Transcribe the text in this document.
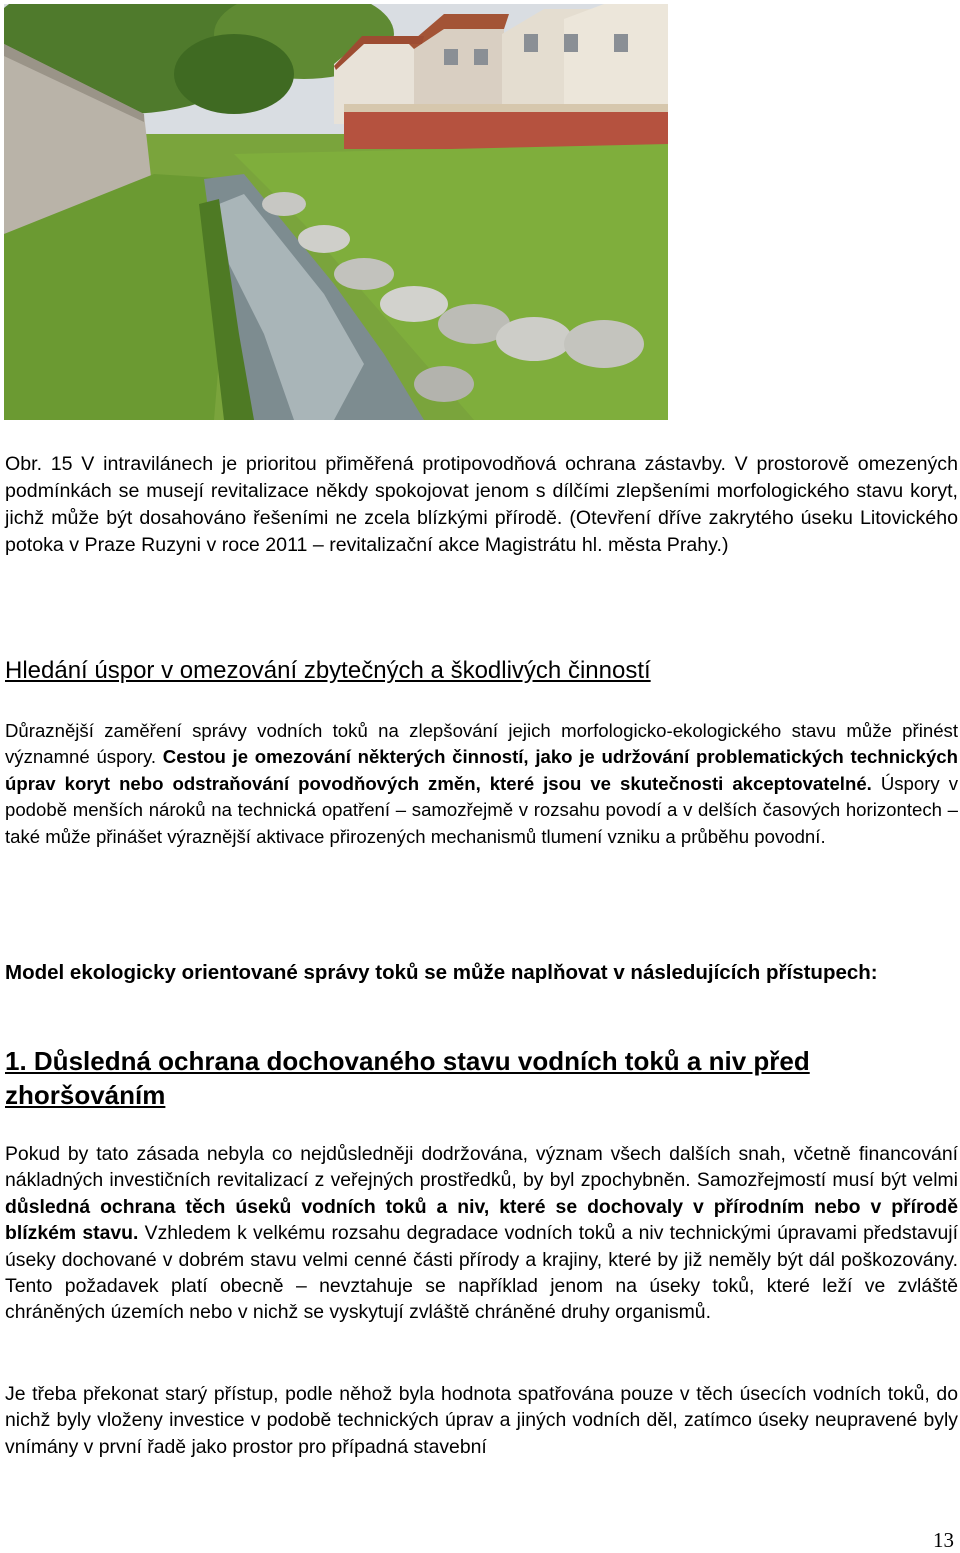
Obr. 15 V intravilánech je prioritou přiměřená protipovodňová ochrana zástavby. V prostorově omezených podmínkách se musejí revitalizace někdy spokojovat jenom s dílčími zlepšeními morfologického stavu koryt, jichž může být dosahováno řešeními ne zcela blízkými přírodě. (Otevření dříve zakrytého úseku Litovického potoka v Praze Ruzyni v roce 2011 – revitalizační akce Magistrátu hl. města Prahy.)
Hledání úspor v omezování zbytečných a škodlivých činností
Důraznější zaměření správy vodních toků na zlepšování jejich morfologicko-ekologického stavu může přinést významné úspory. Cestou je omezování některých činností, jako je udržování problematických technických úprav koryt nebo odstraňování povodňových změn, které jsou ve skutečnosti akceptovatelné. Úspory v podobě menších nároků na technická opatření – samozřejmě v rozsahu povodí a v delších časových horizontech – také může přinášet výraznější aktivace přirozených mechanismů tlumení vzniku a průběhu povodní.
Model ekologicky orientované správy toků se může naplňovat v následujících přístupech:
1. Důsledná ochrana dochovaného stavu vodních toků a niv před zhoršováním
Pokud by tato zásada nebyla co nejdůsledněji dodržována, význam všech dalších snah, včetně financování nákladných investičních revitalizací z veřejných prostředků, by byl zpochybněn. Samozřejmostí musí být velmi důsledná ochrana těch úseků vodních toků a niv, které se dochovaly v přírodním nebo v přírodě blízkém stavu. Vzhledem k velkému rozsahu degradace vodních toků a niv technickými úpravami představují úseky dochované v dobrém stavu velmi cenné části přírody a krajiny, které by již neměly být dál poškozovány. Tento požadavek platí obecně – nevztahuje se například jenom na úseky toků, které leží ve zvláště chráněných územích nebo v nichž se vyskytují zvláště chráněné druhy organismů.
Je třeba překonat starý přístup, podle něhož byla hodnota spatřována pouze v těch úsecích vodních toků, do nichž byly vloženy investice v podobě technických úprav a jiných vodních děl, zatímco úseky neupravené byly vnímány v první řadě jako prostor pro případná stavební
13
